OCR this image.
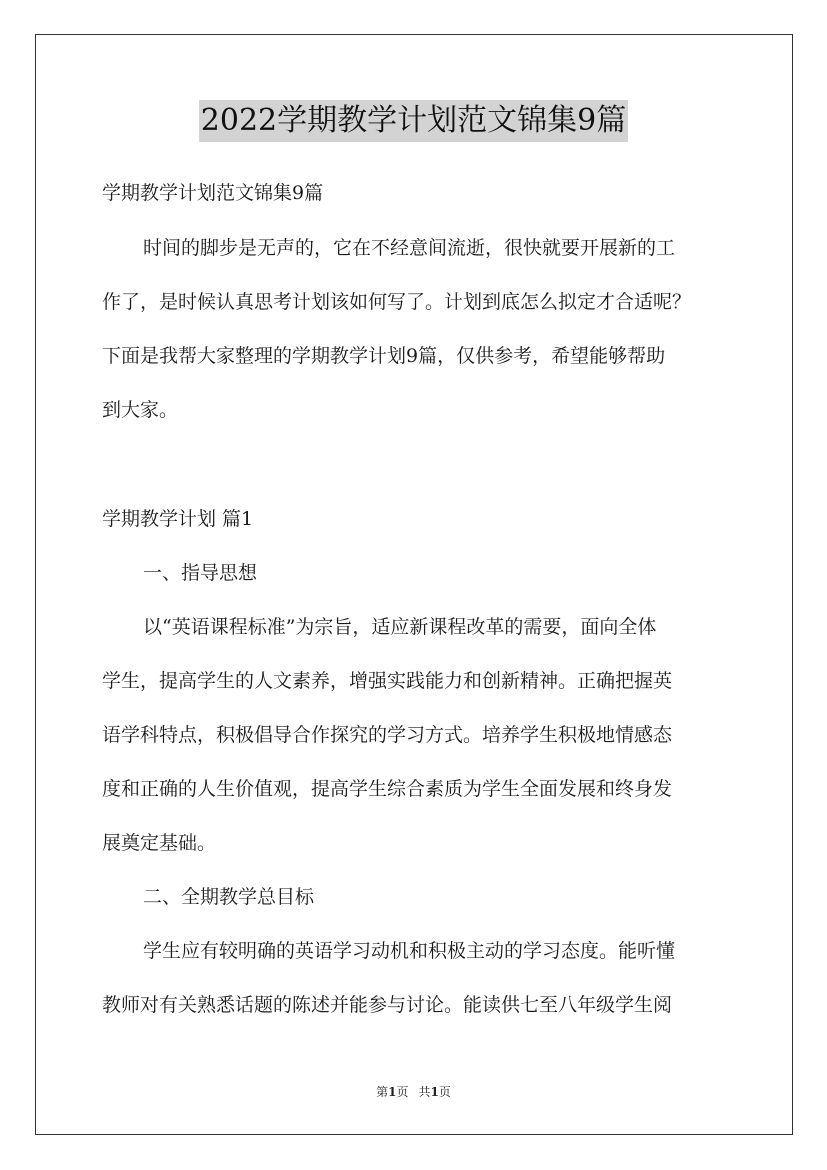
2022学期教学计划范文锦集9篇
学期教学计划范文锦集9篇
时间的脚步是无声的，它在不经意间流逝，很快就要开展新的工
作了，是时候认真思考计划该如何写了。计划到底怎么拟定才合适呢？
下面是我帮大家整理的学期教学计划9篇，仅供参考，希望能够帮助
到大家。
学期教学计划 篇1
一、指导思想
以“英语课程标准”为宗旨，适应新课程改革的需要，面向全体
学生，提高学生的人文素养，增强实践能力和创新精神。正确把握英
语学科特点，积极倡导合作探究的学习方式。培养学生积极地情感态
度和正确的人生价值观，提高学生综合素质为学生全面发展和终身发
展奠定基础。
二、全期教学总目标
学生应有较明确的英语学习动机和积极主动的学习态度。能听懂
教师对有关熟悉话题的陈述并能参与讨论。能读供七至八年级学生阅
第1页 共1页
